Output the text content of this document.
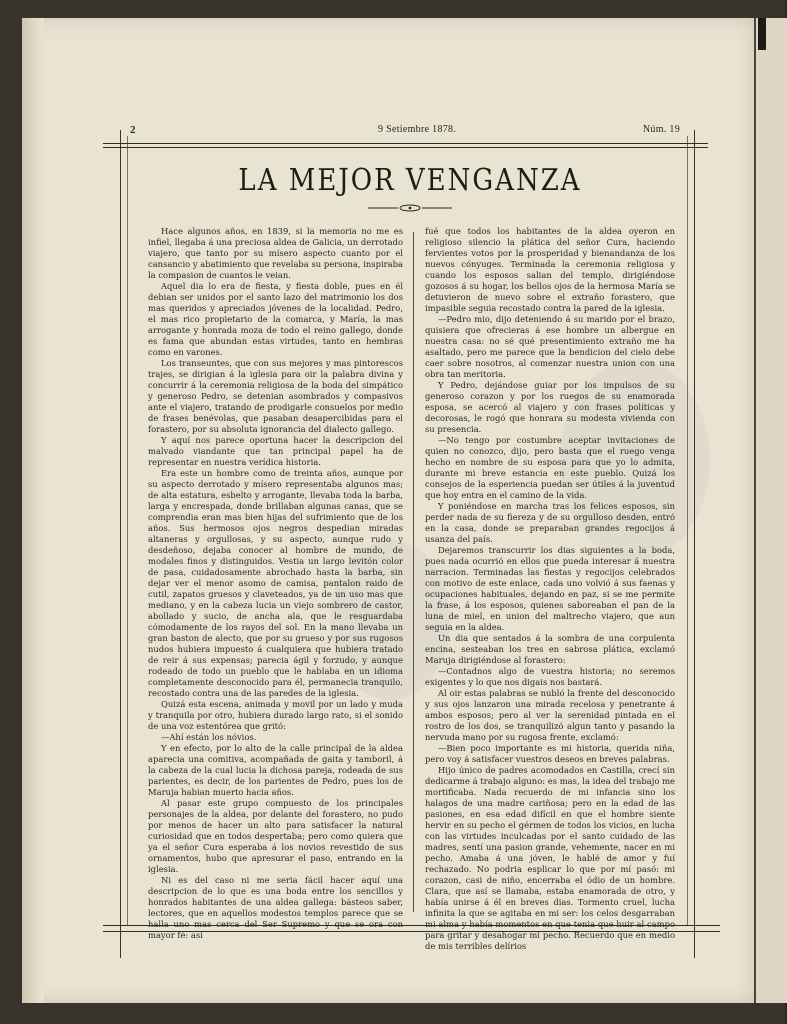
2	9 Setiembre 1878.	Núm. 19
LA MEJOR VENGANZA

Hace algunos años, en 1839, si la memoria no me es infiel, llegaba á una preciosa aldea de Galicia, un derrotado viajero, que tanto por su mísero aspecto cuanto por el cansancio y abatimiento que revelaba su persona, inspiraba la compasion de cuantos le veian.

Aquel dia lo era de fiesta, y fiesta doble, pues en él debian ser unidos por el santo lazo del matrimonio los dos mas queridos y apreciados jóvenes de la localidad. Pedro, el mas rico propietario de la comarca, y María, la mas arrogante y honrada moza de todo el reino gallego, donde es fama que abundan estas virtudes, tanto en hembras como en varones.

Los transeuntes, que con sus mejores y mas pintorescos trajes, se dirigian á la iglesia para oir la palabra divina y concurrir á la ceremonia religiosa de la boda del simpático y generoso Pedro, se detenian asombrados y compasivos ante el viajero, tratando de prodigarle consuelos por medio de frases benévolas, que pasaban desapercibidas para el forastero, por su absoluta ignorancia del dialecto gallego.

Y aquí nos parece oportuna hacer la descripcion del malvado viandante que tan principal papel ha de representar en nuestra verídica historia.

Era este un hombre como de treinta años, aunque por su aspecto derrotado y mísero representaba algunos mas; de alta estatura, esbelto y arrogante, llevaba toda la barba, larga y encrespada, donde brillaban algunas canas, que se comprendia eran mas bien hijas del sufrimiento que de los años. Sus hermosos ojos negros despedian miradas altaneras y orgullosas, y su aspecto, aunque rudo y desdeñoso, dejaba conocer al hombre de mundo, de modales finos y distinguidos. Vestia un largo levitón color de pasa, cuidadosamente abrochado hasta la barba, sin dejar ver el menor asomo de camisa, pantalon raido de cutil, zapatos gruesos y claveteados, ya de un uso mas que mediano, y en la cabeza lucia un viejo sombrero de castor, abollado y sucio, de ancha ala, que le resguardaba cómodamente de los rayos del sol. En la mano llevaba un gran baston de alecto, que por su grueso y por sus rugosos nudos hubiera impuesto á cualquiera que hubiera tratado de reir á sus expensas; parecia ágil y forzudo, y aunque rodeado de todo un pueblo que le hablaba en un idioma completamente desconocido para él, permanecia tranquilo, recostado contra una de las paredes de la iglesia.

Quizá esta escena, animada y movil por un lado y muda y tranquila por otro, hubiera durado largo rato, si el sonido de una voz estentórea que gritó:

—Ahí están los nóvios.

Y en efecto, por lo alto de la calle principal de la aldea aparecia una comitiva, acompañada de gaita y tamboril, á la cabeza de la cual lucia la dichosa pareja, rodeada de sus parientes, es decir, de los parientes de Pedro, pues los de Maruja habian muerto hacia años.

Al pasar este grupo compuesto de los principales personajes de la aldea, por delante del forastero, no pudo por menos de hacer un alto para satisfacer la natural curiosidad que en todos despertaba; pero como quiera que ya el señor Cura esperaba á los novios revestido de sus ornamentos, hubo que apresurar el paso, entrando en la iglesia.

Ni es del caso ni me seria fácil hacer aquí una descripcion de lo que es una boda entre los sencillos y honrados habitantes de una aldea gallega: básteos saber, lectores, que en aquellos modestos templos parece que se halla uno mas cerca del Ser Supremo y que se ora con mayor fé: así

fué que todos los habitantes de la aldea oyeron en religioso silencio la plática del señor Cura, haciendo fervientes votos por la prosperidad y bienandanza de los nuevos cónyuges. Terminada la ceremonia religiosa y cuando los esposos salian del templo, dirigiéndose gozosos á su hogar, los bellos ojos de la hermosa María se detuvieron de nuevo sobre el extraño forastero, que impasible seguia recostado contra la pared de la iglesia.

—Pedro mio, dijo deteniendo á su marido por el brazo, quisiera que ofrecieras á ese hombre un albergue en nuestra casa: no sé qué presentimiento extraño me ha asaltado, pero me parece que la bendicion del cielo debe caer sobre nosotros, al comenzar nuestra union con una obra tan meritoria.

Y Pedro, dejándose guiar por los impulsos de su generoso corazon y por los ruegos de su enamorada esposa, se acercó al viajero y con frases políticas y decorosas, le rogó que honrara su modesta vivienda con su presencia.

—No tengo por costumbre aceptar invitaciones de quien no conozco, dijo, pero basta que el ruego venga hecho en nombre de su esposa para que yo lo admita, durante mi breve estancia en este pueblo. Quizá los consejos de la esperiencia puedan ser útiles á la juventud que hoy entra en el camino de la vida.

Y poniéndose en marcha tras los felices esposos, sin perder nada de su fiereza y de su orgulloso desden, entró en la casa, donde se preparaban grandes regocijos á usanza del país.

Dejaremos transcurrir los dias siguientes a la boda, pues nada ocurrió en ellos que pueda interesar á nuestra narracion. Terminadas las fiestas y regocijos celebrados con motivo de este enlace, cada uno volvió á sus faenas y ocupaciones habituales, dejando en paz, si se me permite la frase, á los esposos, quienes saboreaban el pan de la luna de miel, en union del maltrecho viajero, que aun seguia en la aldea.

Un dia que sentados á la sombra de una corpulenta encina, sesteaban los tres en sabrosa plática, exclamó Maruja dirigiéndose al forastero:

—Contadnos algo de vuestra historia; no seremos exigentes y lo que nos digais nos bastará.

Al oir estas palabras se nubló la frente del desconocido y sus ojos lanzaron una mirada recelosa y penetrante á ambos esposos; pero al ver la serenidad pintada en el rostro de los dos, se tranquilizó algun tanto y pasando la nervuda mano por su rugosa frente, exclamó:

—Bien poco importante es mi historia, querida niña, pero voy á satisfacer vuestros deseos en breves palabras.

Hijo único de padres acomodados en Castilla, crecí sin dedicarme á trabajo alguno: es mas, la idea del trabajo me mortificaba. Nada recuerdo de mi infancia sino los halagos de una madre cariñosa; pero en la edad de las pasiones, en esa edad difícil en que el hombre siente hervir en su pecho el gérmen de todos los vicios, en lucha con las virtudes inculcadas por el santo cuidado de las madres, sentí una pasion grande, vehemente, nacer en mi pecho. Amaba á una jóven, le hablé de amor y fuí rechazado. No podria esplicar lo que por mí pasó: mi corazon, casi de niño, encerraba el ódio de un hombre. Clara, que así se llamaba, estaba enamorada de otro, y había unirse á él en breves dias. Tormento cruel, lucha infinita la que se agitaba en mi ser: los celos desgarraban mi alma y había momentos en que tenia que huir al campo para gritar y desahogar mi pecho. Recuerdo que en medio de mis terribles delírios
